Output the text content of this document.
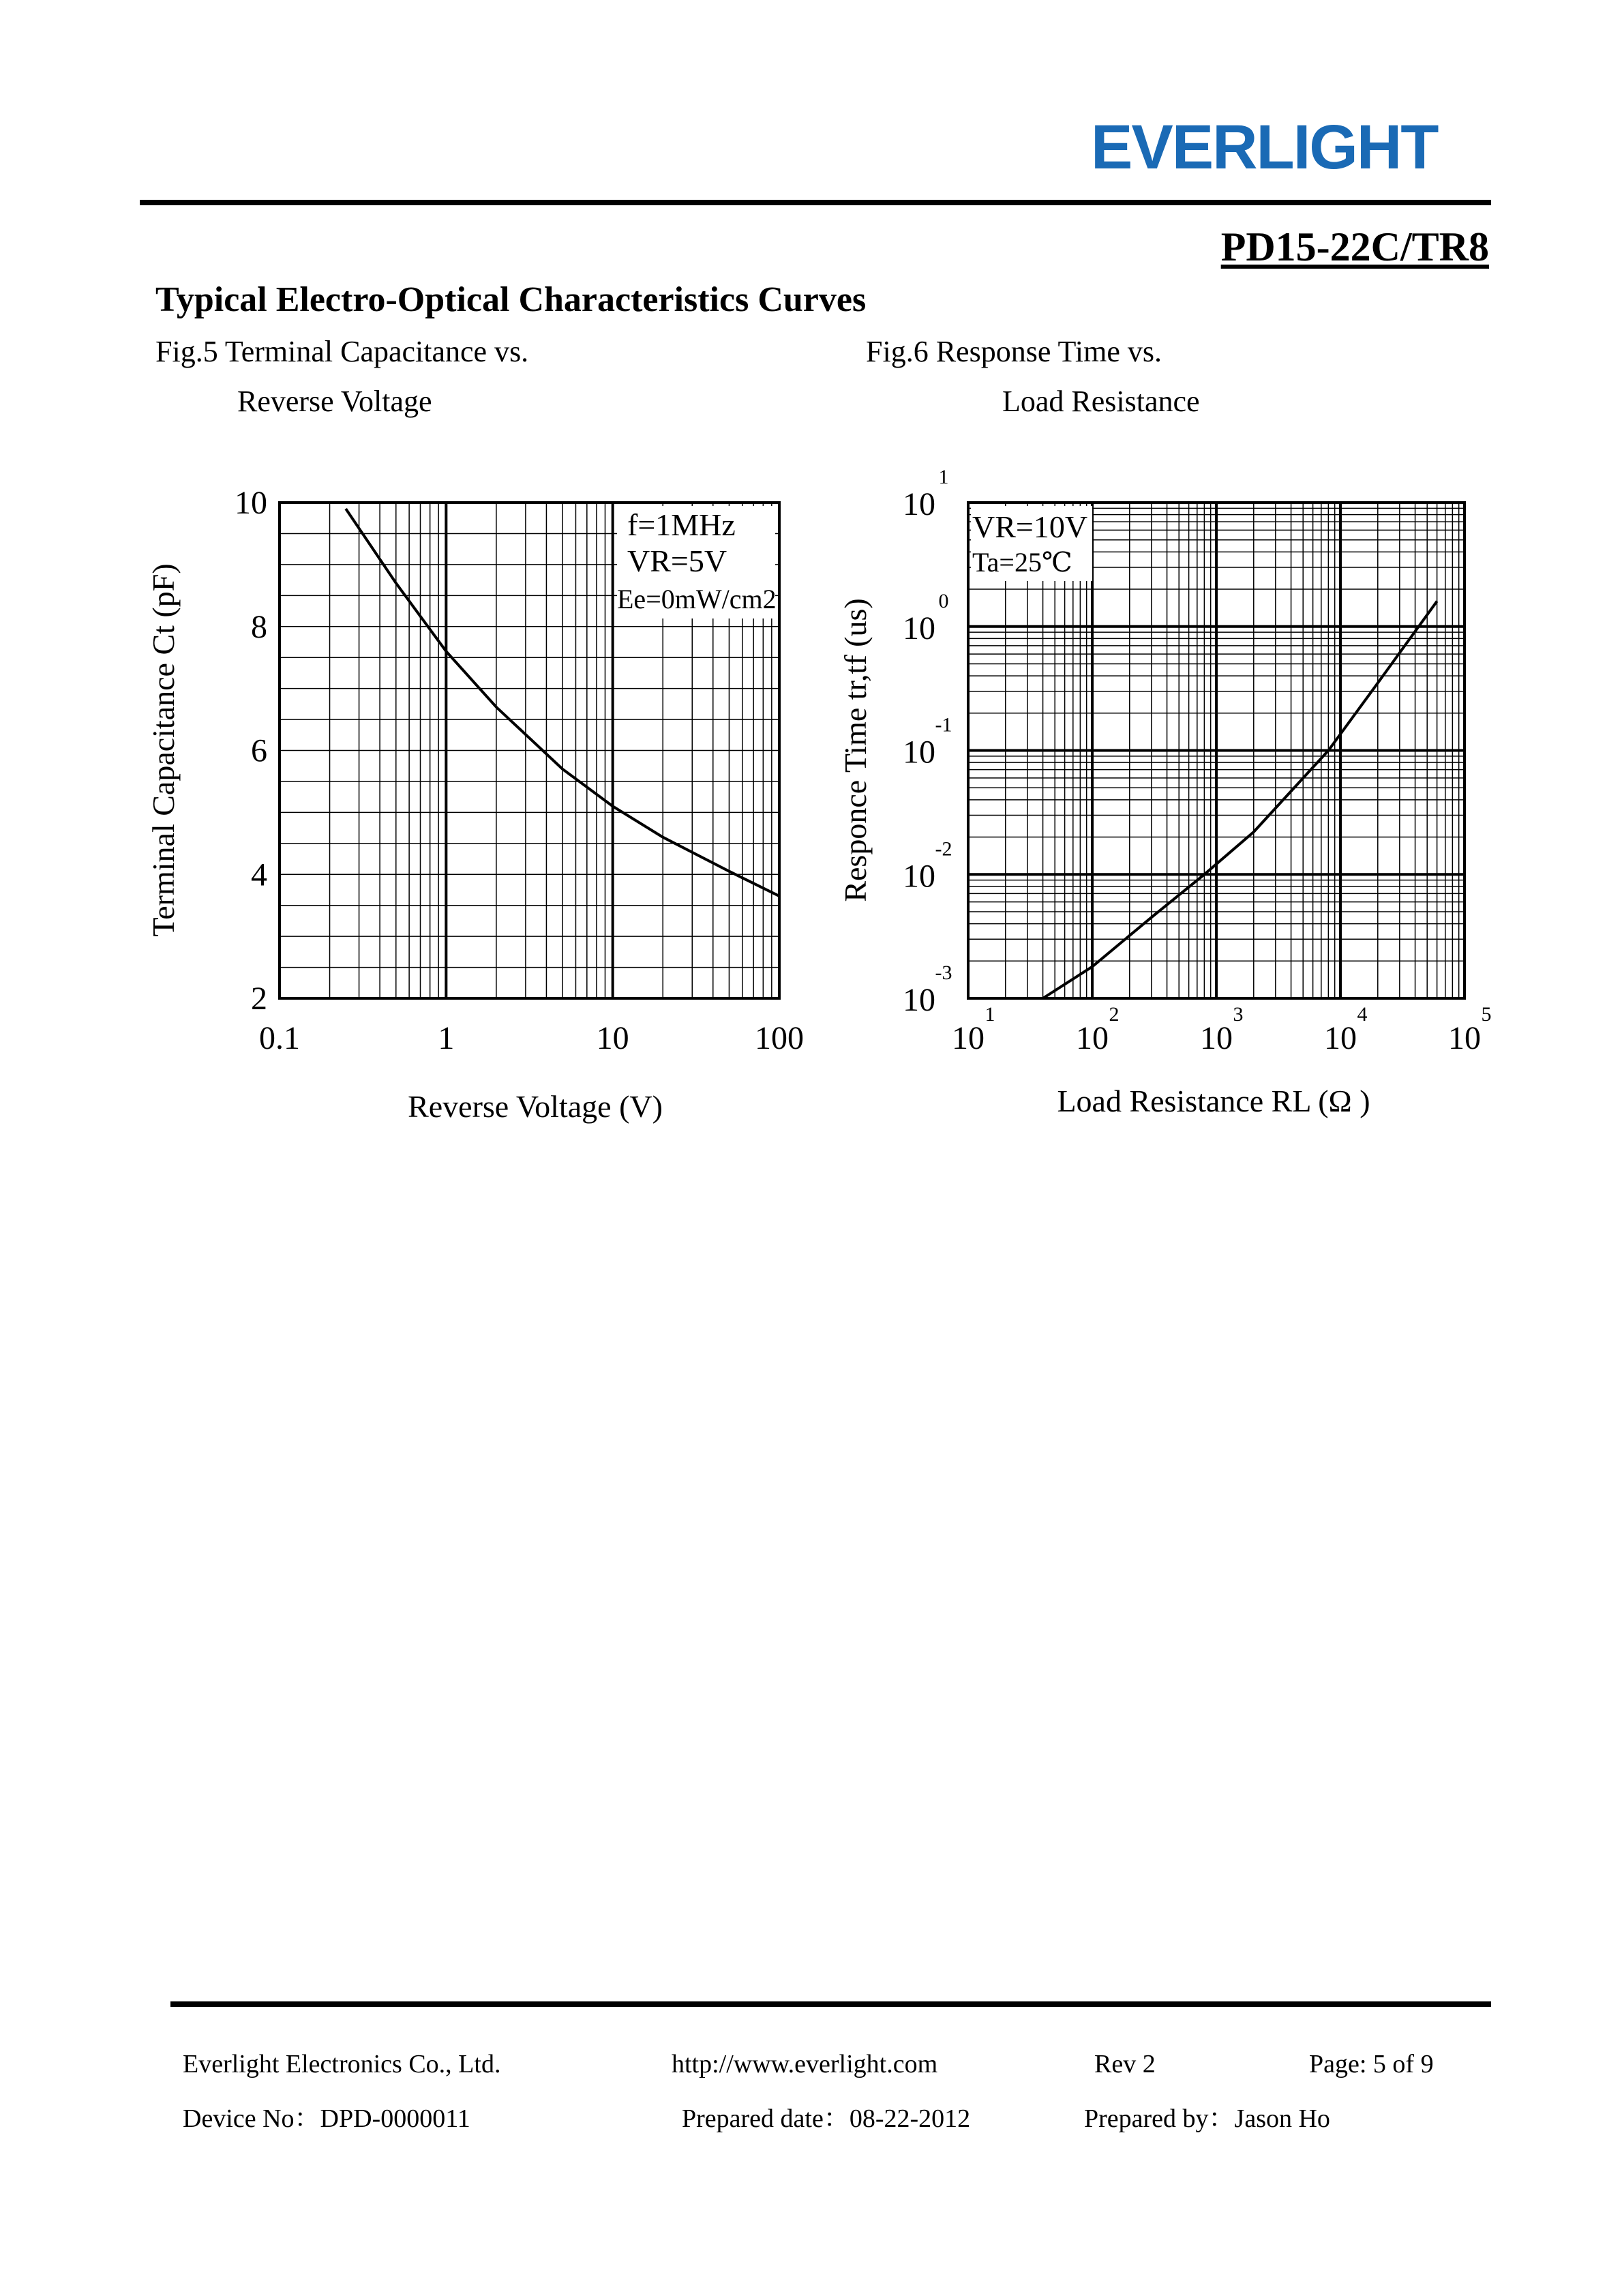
EVERLIGHT
PD15-22C/TR8
Typical Electro-Optical Characteristics Curves
Fig.5 Terminal Capacitance vs.
Reverse Voltage
Fig.6 Response Time vs.
Load Resistance
f=1MHz
VR=5V
Ee=0mW/cm2
0.1	1	10	100
2
4
6
8
10
Reverse Voltage (V)
Terminal Capacitance Ct (pF)
VR=10V
Ta=25℃
10
1
10
2
10
3
10
4
10
5
10
1
10
0
10
-1
10
-2
10
-3
Load Resistance RL (Ω )
Responce Time tr,tf (us)
Everlight Electronics Co., Ltd.	http://www.everlight.com	Rev 2	Page: 5 of 9
Device No：DPD-0000011	Prepared date：08-22-2012	Prepared by：Jason Ho
